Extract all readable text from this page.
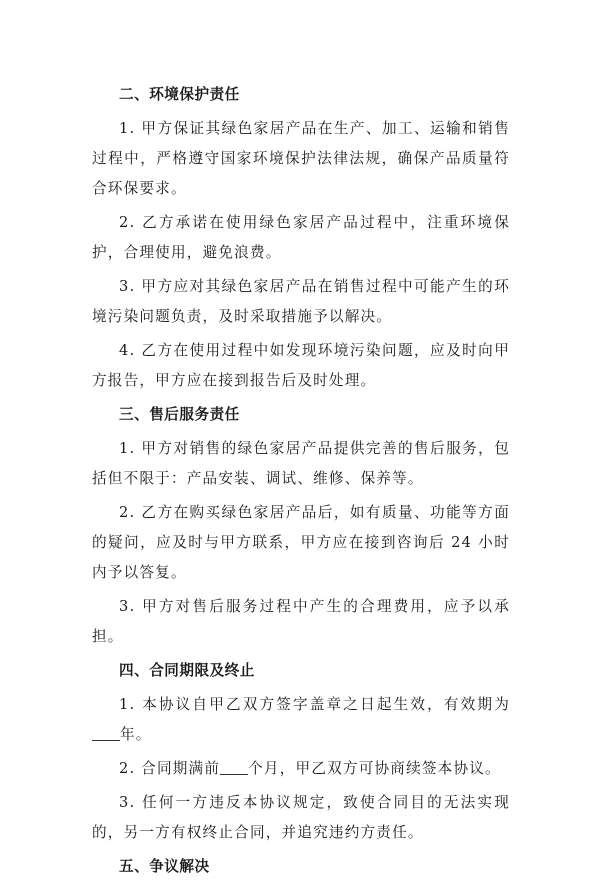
二、环境保护责任

1. 甲方保证其绿色家居产品在生产、加工、运输和销售过程中，严格遵守国家环境保护法律法规，确保产品质量符合环保要求。

2. 乙方承诺在使用绿色家居产品过程中，注重环境保护，合理使用，避免浪费。

3. 甲方应对其绿色家居产品在销售过程中可能产生的环境污染问题负责，及时采取措施予以解决。

4. 乙方在使用过程中如发现环境污染问题，应及时向甲方报告，甲方应在接到报告后及时处理。

三、售后服务责任

1. 甲方对销售的绿色家居产品提供完善的售后服务，包括但不限于：产品安装、调试、维修、保养等。

2. 乙方在购买绿色家居产品后，如有质量、功能等方面的疑问，应及时与甲方联系，甲方应在接到咨询后 24 小时内予以答复。

3. 甲方对售后服务过程中产生的合理费用，应予以承担。

四、合同期限及终止

1. 本协议自甲乙双方签字盖章之日起生效，有效期为年。

2. 合同期满前 个月，甲乙双方可协商续签本协议。

3. 任何一方违反本协议规定，致使合同目的无法实现的，另一方有权终止合同，并追究违约方责任。

五、争议解决
